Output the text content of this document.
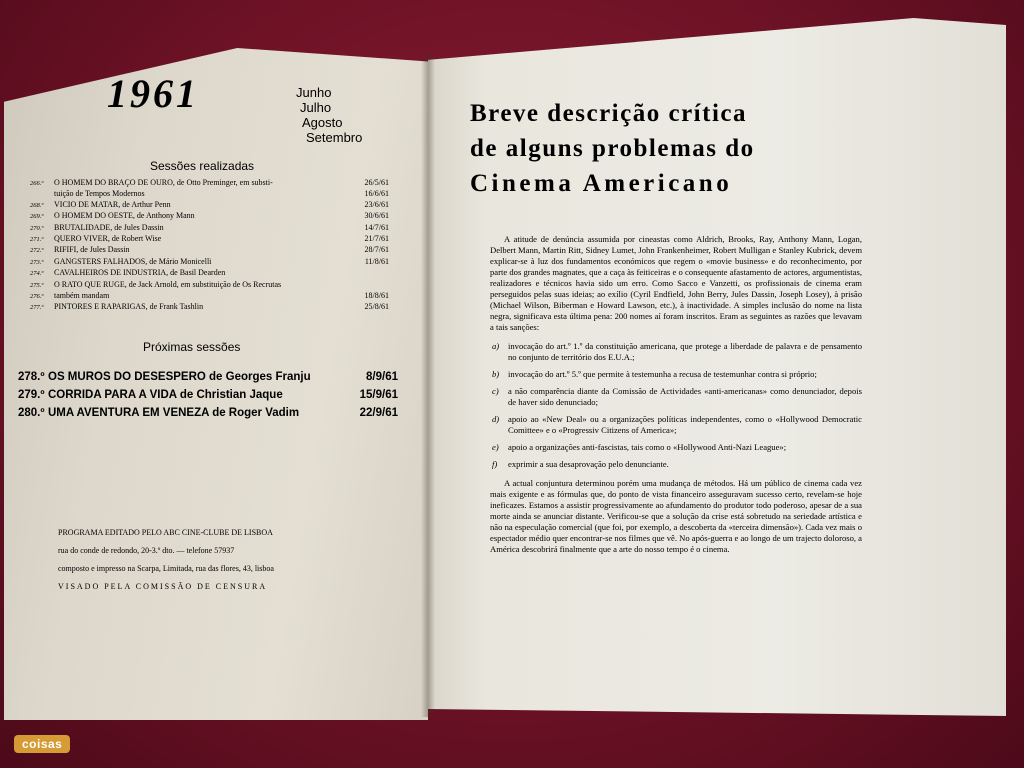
1961	Junho
Julho
Agosto
Setembro
Sessões realizadas
266.º	O HOMEM DO BRAÇO DE OURO, de Otto Preminger, em substi-	26/5/61
tuição de Tempos Modernos	16/6/61
268.º	VICIO DE MATAR, de Arthur Penn	23/6/61
269.º	O HOMEM DO OESTE, de Anthony Mann	30/6/61
270.º	BRUTALIDADE, de Jules Dassin	14/7/61
271.º	QUERO VIVER, de Robert Wise	21/7/61
272.º	RIFIFI, de Jules Dassin	28/7/61
273.º	GANGSTERS FALHADOS, de Mário Monicelli	11/8/61
274.º	CAVALHEIROS DE INDUSTRIA, de Basil Dearden
275.º	O RATO QUE RUGE, de Jack Arnold, em substituição de Os Recrutas
276.º	também mandam	18/8/61
277.º	PINTORES E RAPARIGAS, de Frank Tashlin	25/8/61
Próximas sessões
278.º OS MUROS DO DESESPERO de Georges Franju	8/9/61
279.º CORRIDA PARA A VIDA de Christian Jaque	15/9/61
280.º UMA AVENTURA EM VENEZA de Roger Vadim	22/9/61
PROGRAMA EDITADO PELO ABC CINE-CLUBE DE LISBOA
rua do conde de redondo, 20-3.º dto. — telefone 57937
composto e impresso na Scarpa, Limitada, rua das flores, 43, lisboa
VISADO PELA COMISSÃO DE CENSURA
Breve descrição crítica
de alguns problemas do
Cinema Americano

A atitude de denúncia assumida por cineastas como Aldrich, Brooks, Ray, Anthony Mann, Logan, Delbert Mann, Martin Ritt, Sidney Lumet, John Frankenheimer, Robert Mulligan e Stanley Kubrick, devem explicar-se à luz dos fundamentos económicos que regem o «movie business» e do reconhecimento, por parte dos grandes magnates, que a caça às feiticeiras e o consequente afastamento de actores, argumentistas, realizadores e técnicos havia sido um erro. Como Sacco e Vanzetti, os profissionais de cinema eram perseguidos pelas suas ideias; ao exílio (Cyril Endfield, John Berry, Jules Dassin, Joseph Losey), à prisão (Michael Wilson, Biberman e Howard Lawson, etc.), à inactividade. A simples inclusão do nome na lista negra, significava esta última pena: 200 nomes aí foram inscritos. Eram as seguintes as razões que levavam a tais sanções:

a)	invocação do art.º 1.º da constituição americana, que protege a liberdade de palavra e de pensamento no conjunto de território dos E.U.A.;
b)	invocação do art.º 5.º que permite à testemunha a recusa de testemunhar contra si próprio;
c)	a não comparência diante da Comissão de Actividades «anti-americanas» como denunciador, depois de haver sido denunciado;
d)	apoio ao «New Deal» ou a organizações políticas independentes, como o «Hollywood Democratic Comittee» e o «Progressiv Citizens of America»;
e)	apoio a organizações anti-fascistas, tais como o «Hollywood Anti-Nazi League»;
f)	exprimir a sua desaprovação pelo denunciante.

A actual conjuntura determinou porém uma mudança de métodos. Há um público de cinema cada vez mais exigente e as fórmulas que, do ponto de vista financeiro asseguravam sucesso certo, revelam-se hoje ineficazes. Estamos a assistir progressivamente ao afundamento do produtor todo poderoso, apesar de a sua morte ainda se anunciar distante. Verificou-se que a solução da crise está sobretudo na seriedade artística e não na especulação comercial (que foi, por exemplo, a descoberta da «terceira dimensão»). Cada vez mais o espectador médio quer encontrar-se nos filmes que vê. No após-guerra e ao longo de um trajecto doloroso, a América descobrirá finalmente que a arte do nosso tempo é o cinema.

coisas
